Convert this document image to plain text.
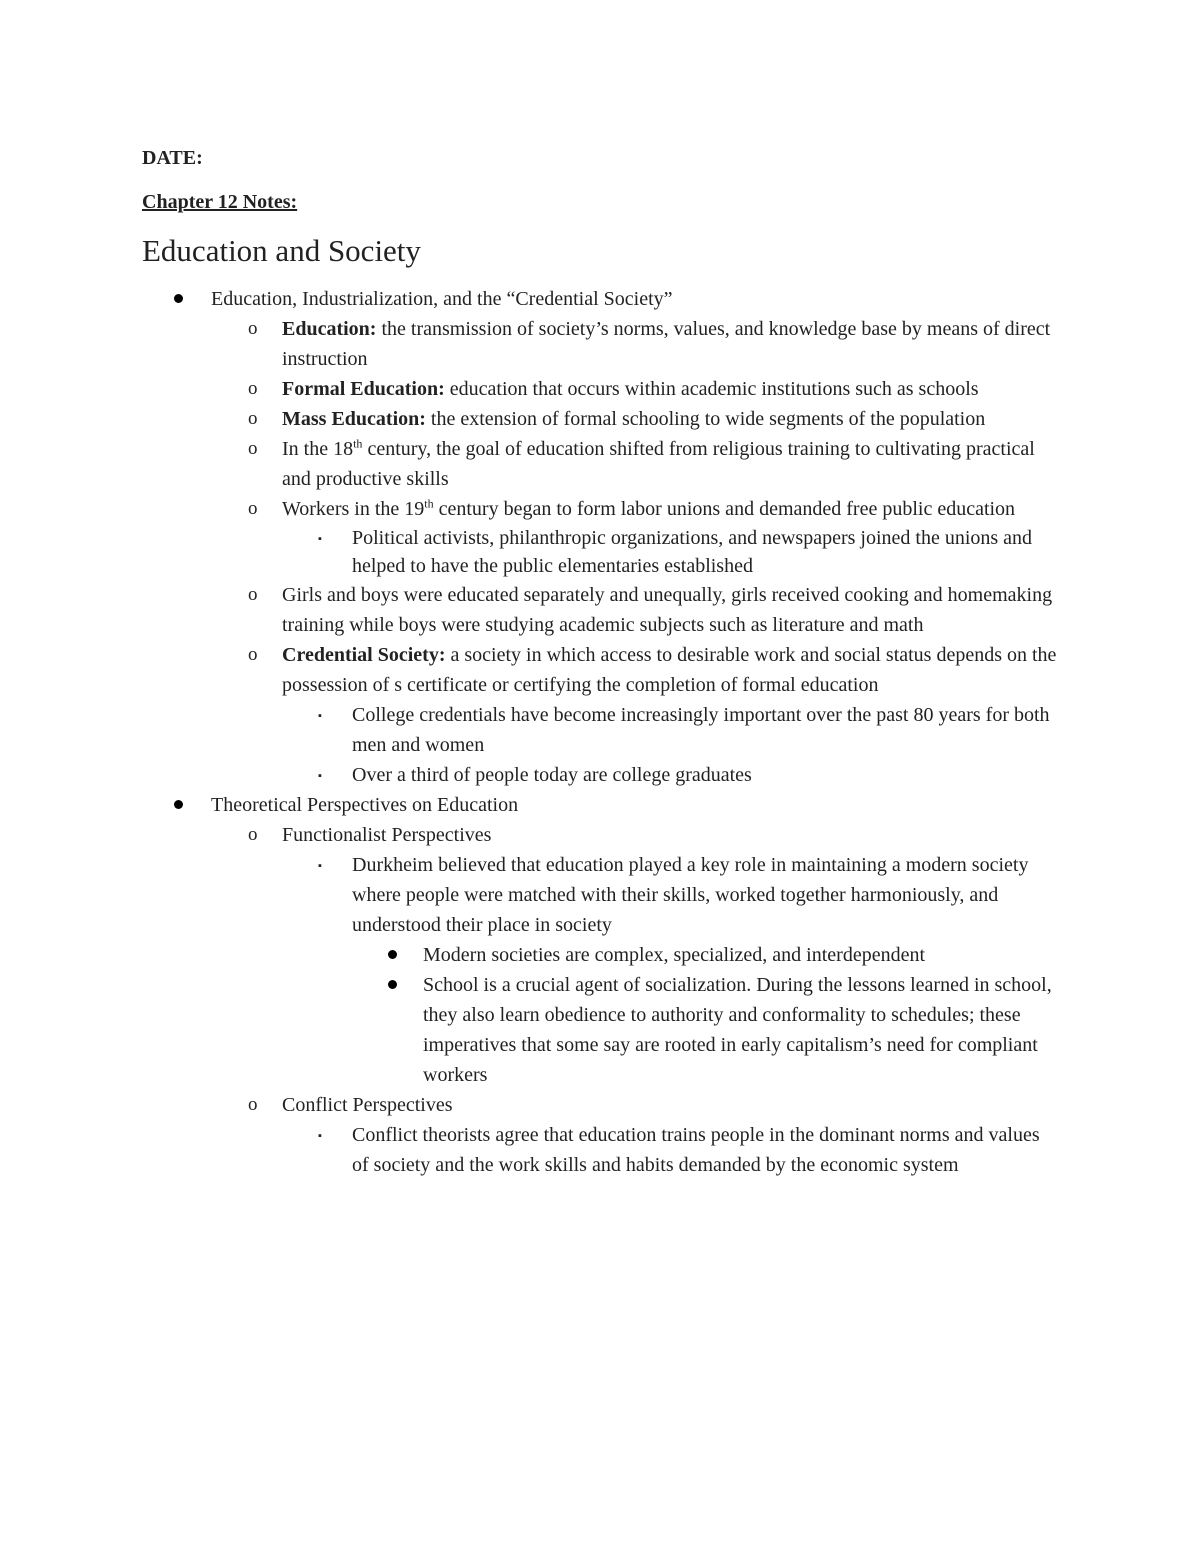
DATE:
Chapter 12 Notes:
Education and Society
Education, Industrialization, and the “Credential Society”
o Education: the transmission of society’s norms, values, and knowledge base by means of direct instruction
o Formal Education: education that occurs within academic institutions such as schools
o Mass Education: the extension of formal schooling to wide segments of the population
o In the 18th century, the goal of education shifted from religious training to cultivating practical and productive skills
o Workers in the 19th century began to form labor unions and demanded free public education
▪ Political activists, philanthropic organizations, and newspapers joined the unions and helped to have the public elementaries established
o Girls and boys were educated separately and unequally, girls received cooking and homemaking training while boys were studying academic subjects such as literature and math
o Credential Society: a society in which access to desirable work and social status depends on the possession of s certificate or certifying the completion of formal education
▪ College credentials have become increasingly important over the past 80 years for both men and women
▪ Over a third of people today are college graduates
Theoretical Perspectives on Education
o Functionalist Perspectives
▪ Durkheim believed that education played a key role in maintaining a modern society where people were matched with their skills, worked together harmoniously, and understood their place in society
Modern societies are complex, specialized, and interdependent
School is a crucial agent of socialization. During the lessons learned in school, they also learn obedience to authority and conformality to schedules; these imperatives that some say are rooted in early capitalism’s need for compliant workers
o Conflict Perspectives
▪ Conflict theorists agree that education trains people in the dominant norms and values of society and the work skills and habits demanded by the economic system
